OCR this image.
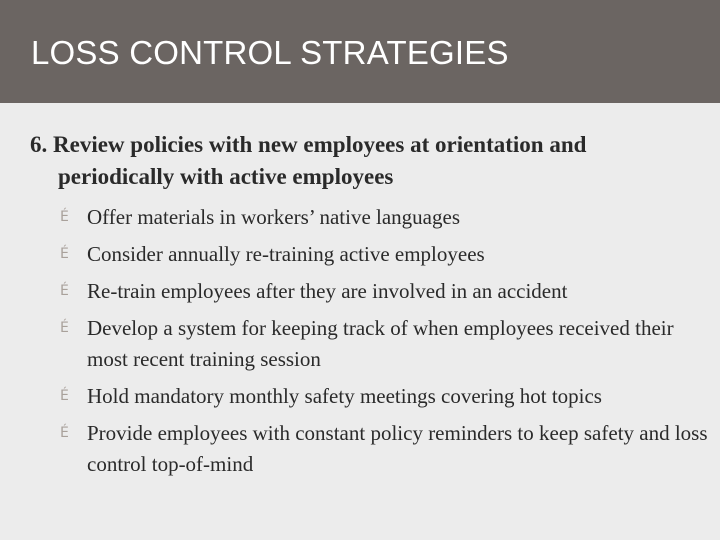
LOSS CONTROL STRATEGIES
6. Review policies with new employees at orientation and
periodically with active employees
É Offer materials in workers’ native languages
É Consider annually re-training active employees
É Re-train employees after they are involved in an accident
É Develop a system for keeping track of when employees received their most recent training session
É Hold mandatory monthly safety meetings covering hot topics
É Provide employees with constant policy reminders to keep safety and loss control top-of-mind
